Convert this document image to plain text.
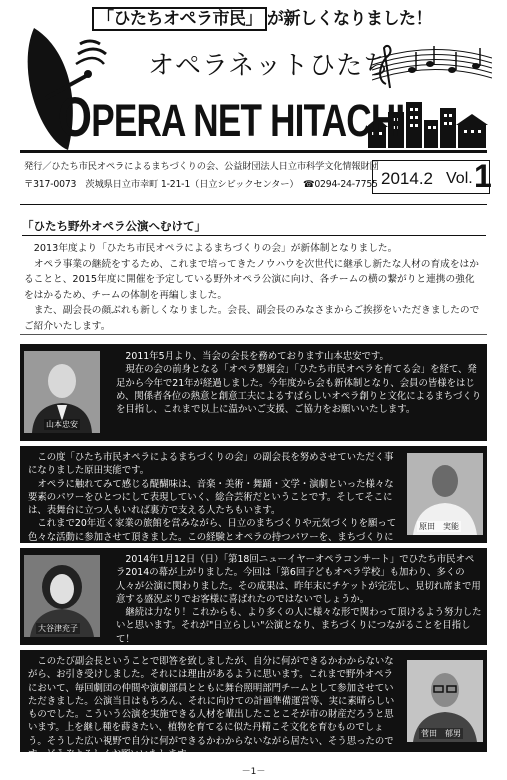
「ひたちオペラ市民」 が新しくなりました！
オペラネットひたち
OPERA NET HITACHI
発行／ひたち市民オペラによるまちづくりの会、公益財団法人日立市科学文化情報財団
〒317-0073　茨城県日立市幸町 1-21-1（日立シビックセンター）　 ☎0294-24-7755 2014.2 Vol. 1
「ひたち野外オペラ公演へむけて」

2013年度より「ひたち市民オペラによるまちづくりの会」が新体制となりました。

オペラ事業の継続をするため、これまで培ってきたノウハウを次世代に継承し新たな人材の育成をはかることと、2015年度に開催を予定している野外オペラ公演に向け、各チームの横の繋がりと連携の強化をはかるため、チームの体制を再編しました。

また、副会長の顔ぶれも新しくなりました。会長、副会長のみなさまからご挨拶をいただきましたのでご紹介いたします。

山本忠安

2011年5月より、当会の会長を務めております山本忠安です。

現在の会の前身となる「オペラ懇親会」「ひたち市民オペラを育てる会」を経て、発足から今年で21年が経過しました。今年度から会も新体制となり、会員の皆様をはじめ、関係者各位の熱意と創意工夫によるすばらしいオペラ創りと文化によるまちづくりを目指し、これまで以上に温かいご支援、ご協力をお願いいたします。

この度「ひたち市民オペラによるまちづくりの会」の副会長を努めさせていただく事になりました原田実能です。

オペラに触れてみて感じる醍醐味は、音楽・美術・舞踊・文学・演劇といった様々な要素のパワーをひとつにして表現していく、総合芸術だということです。そしてそこには、表舞台に立つ人もいれば裏方で支える人たちもいます。

これまで20年近く家業の旅館を営みながら、日立のまちづくりや元気づくりを願って色々な活動に参加させて頂きました。この経験とオペラの持つパワーを、まちづくりに

原田　実能
大谷津充子

2014年1月12日（日）「第18回ニューイヤーオペラコンサート」でひたち市民オペラ2014の幕が上がりました。今回は「第6回子どもオペラ学校」も加わり、多くの人々が公演に関わりました。その成果は、昨年末にチケットが完売し、見切れ席まで用意する盛況ぶりでお客様に喜ばれたのではないでしょうか。

継続は力なり！これからも、より多くの人に様々な形で関わって頂けるよう努力したいと思います。それが"日立らしい"公演となり、まちづくりにつながることを目指して！

このたび副会長ということで即答を致しましたが、自分に何ができるかわからないながら、お引き受けしました。それには理由があるように思います。これまで野外オペラにおいて、毎回劇団の仲間や演劇部員とともに舞台照明部門チームとして参加させていただきました。公演当日はもちろん、それに向けての計画準備運営等、実に素晴らしいものでした。こういう公演を実施できる人材を輩出したことこそが市の財産だろうと思います。上を継し種を蒔きたい、植物を育てるに似た丹精こそ文化を育むものでしょう。そうした広い視野で自分に何ができるかわからないながら居たい、そう思ったのです。どうぞよろしくお願いいたします。

菅田　郁男
－1－
